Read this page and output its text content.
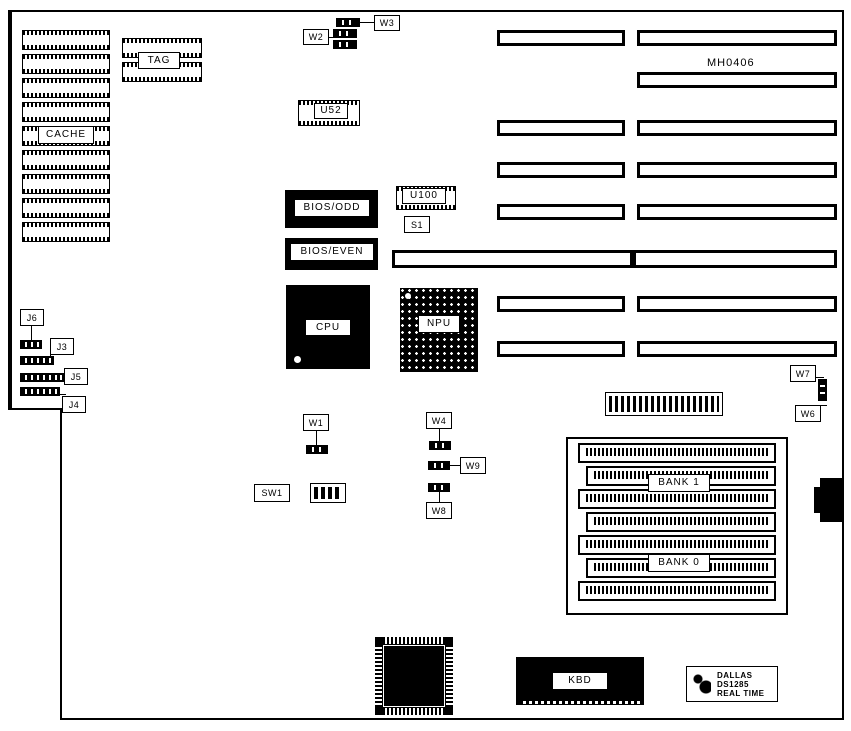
CACHE
TAG	MH0406
W2
W3
U52
BIOS/ODD
BIOS/EVEN
U100
S1
CPU	NPU
J6
J3
J5
J4
W1	W4
W9
W8
SW1
W7
W6
BANK 1
BANK 0
KBD	DALLAS
DS1285
REAL TIME
